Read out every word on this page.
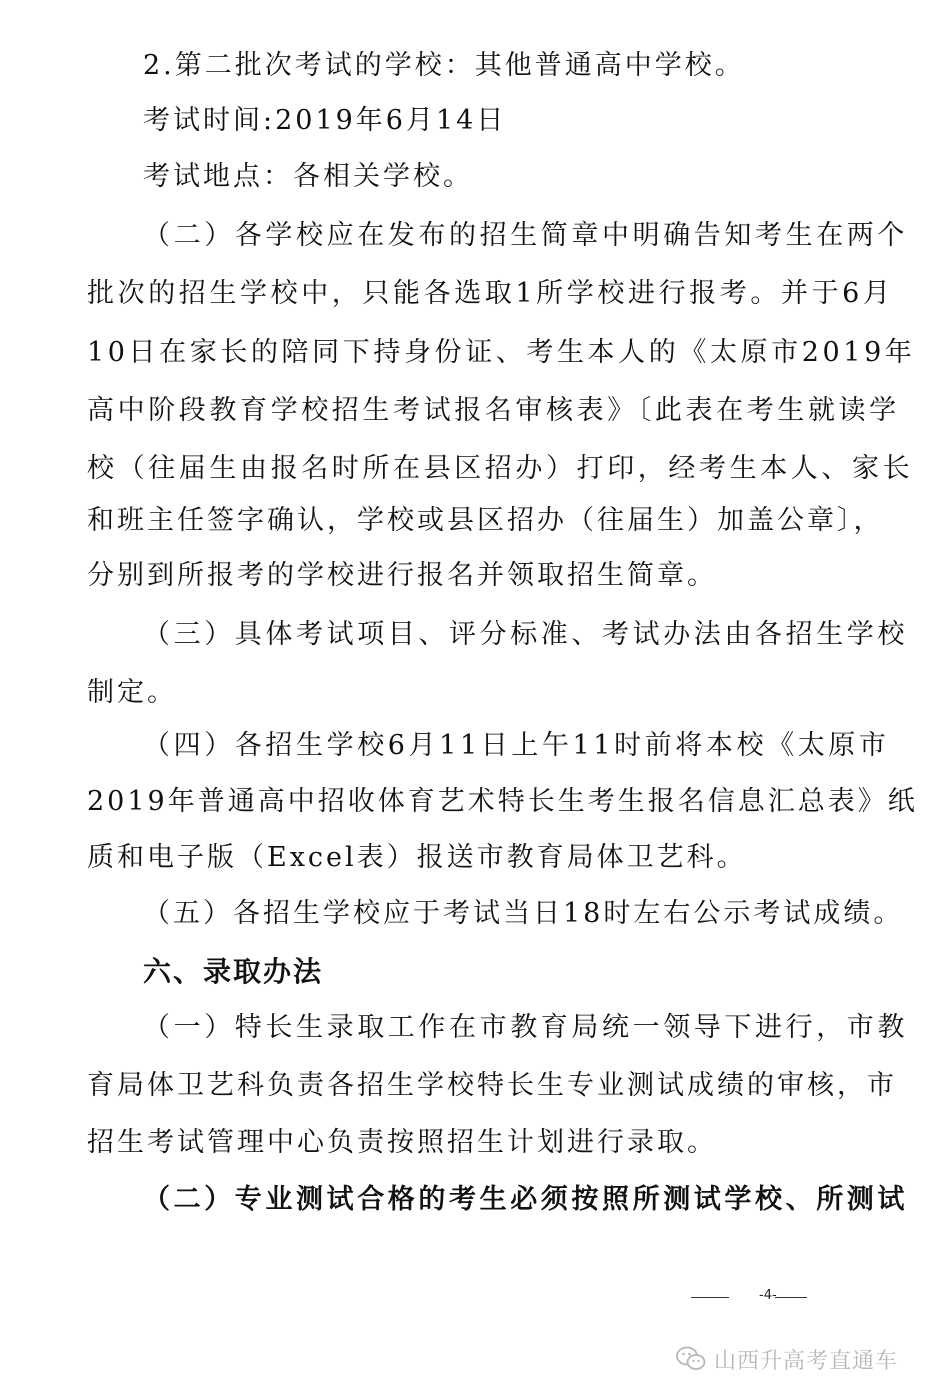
2.第二批次考试的学校：其他普通高中学校。
考试时间:2019年6月14日
考试地点：各相关学校。
（二）各学校应在发布的招生简章中明确告知考生在两个
批次的招生学校中，只能各选取1所学校进行报考。并于6月
10日在家长的陪同下持身份证、考生本人的《太原市2019年
高中阶段教育学校招生考试报名审核表》〔此表在考生就读学
校（往届生由报名时所在县区招办）打印，经考生本人、家长
和班主任签字确认，学校或县区招办（往届生）加盖公章〕，
分别到所报考的学校进行报名并领取招生简章。
（三）具体考试项目、评分标准、考试办法由各招生学校
制定。
（四）各招生学校6月11日上午11时前将本校《太原市
2019年普通高中招收体育艺术特长生考生报名信息汇总表》纸
质和电子版（Excel表）报送市教育局体卫艺科。
（五）各招生学校应于考试当日18时左右公示考试成绩。
六、录取办法
（一）特长生录取工作在市教育局统一领导下进行，市教
育局体卫艺科负责各招生学校特长生专业测试成绩的审核，市
招生考试管理中心负责按照招生计划进行录取。
（二）专业测试合格的考生必须按照所测试学校、所测试
-4-
山西升高考直通车
